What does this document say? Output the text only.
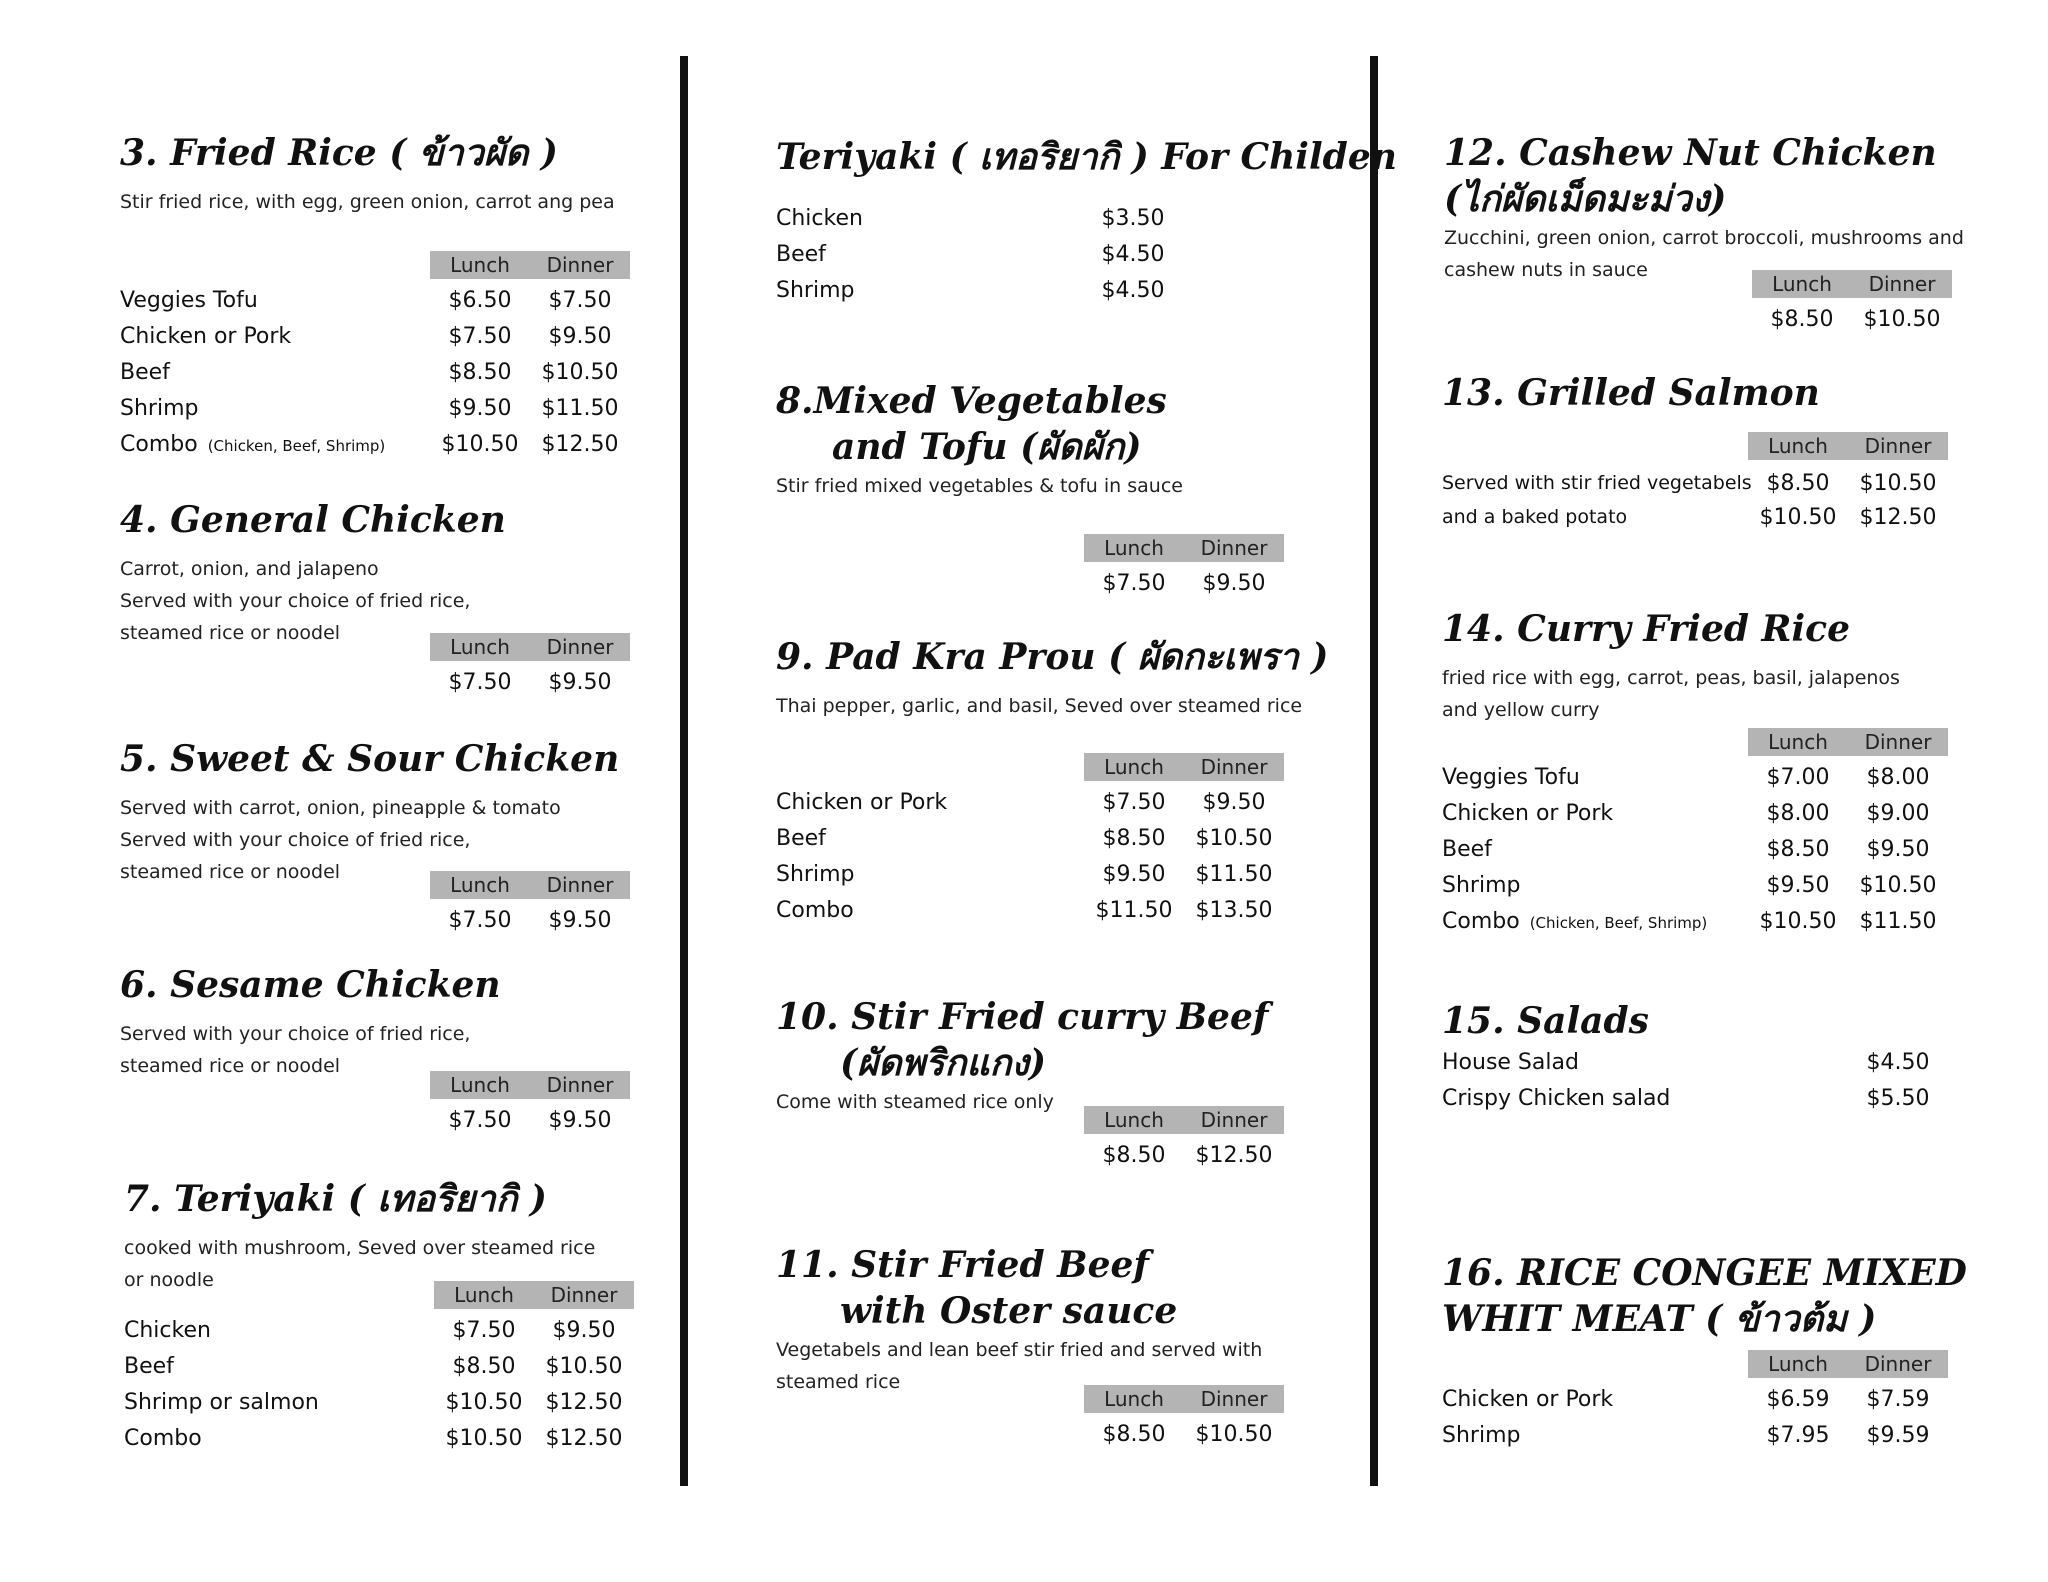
3. Fried Rice ( ข้าวผัด )
Stir fried rice, with egg, green onion, carrot ang pea
Lunch	Dinner
Veggies Tofu	$6.50	$7.50
Chicken or Pork	$7.50	$9.50
Beef	$8.50	$10.50
Shrimp	$9.50	$11.50
Combo (Chicken, Beef, Shrimp)	$10.50	$12.50
4. General Chicken
Carrot, onion, and jalapeno
Served with your choice of fried rice,
steamed rice or noodel
Lunch	Dinner
$7.50	$9.50
5. Sweet & Sour Chicken
Served with carrot, onion, pineapple & tomato
Served with your choice of fried rice,
steamed rice or noodel
Lunch	Dinner
$7.50	$9.50
6. Sesame Chicken
Served with your choice of fried rice,
steamed rice or noodel
Lunch	Dinner
$7.50	$9.50
7. Teriyaki ( เทอริยากิ )
cooked with mushroom, Seved over steamed rice
or noodle
Lunch	Dinner
Chicken	$7.50	$9.50
Beef	$8.50	$10.50
Shrimp or salmon	$10.50	$12.50
Combo	$10.50	$12.50
Teriyaki ( เทอริยากิ ) For Childen
Chicken	$3.50
Beef	$4.50
Shrimp	$4.50
8.Mixed Vegetables
and Tofu (ผัดผัก)
Stir fried mixed vegetables & tofu in sauce
Lunch	Dinner
$7.50	$9.50
9. Pad Kra Prou ( ผัดกะเพรา )
Thai pepper, garlic, and basil, Seved over steamed rice
Lunch	Dinner
Chicken or Pork	$7.50	$9.50
Beef	$8.50	$10.50
Shrimp	$9.50	$11.50
Combo	$11.50	$13.50
10. Stir Fried curry Beef
(ผัดพริกแกง)
Come with steamed rice only
Lunch	Dinner
$8.50	$12.50
11. Stir Fried Beef
with Oster sauce
Vegetabels and lean beef stir fried and served with
steamed rice
Lunch	Dinner
$8.50	$10.50
12. Cashew Nut Chicken
(ไก่ผัดเม็ดมะม่วง)
Zucchini, green onion, carrot broccoli, mushrooms and
cashew nuts in sauce
Lunch	Dinner
$8.50	$10.50
13. Grilled Salmon
Lunch	Dinner
Served with stir fried vegetabels $8.50	$10.50
and a baked potato	$10.50	$12.50
14. Curry Fried Rice
fried rice with egg, carrot, peas, basil, jalapenos
and yellow curry
Lunch	Dinner
Veggies Tofu	$7.00	$8.00
Chicken or Pork	$8.00	$9.00
Beef	$8.50	$9.50
Shrimp	$9.50	$10.50
Combo (Chicken, Beef, Shrimp)	$10.50	$11.50
15. Salads
House Salad	$4.50
Crispy Chicken salad	$5.50
16. RICE CONGEE MIXED
WHIT MEAT ( ข้าวต้ม )
Lunch	Dinner
Chicken or Pork	$6.59	$7.59
Shrimp	$7.95	$9.59
